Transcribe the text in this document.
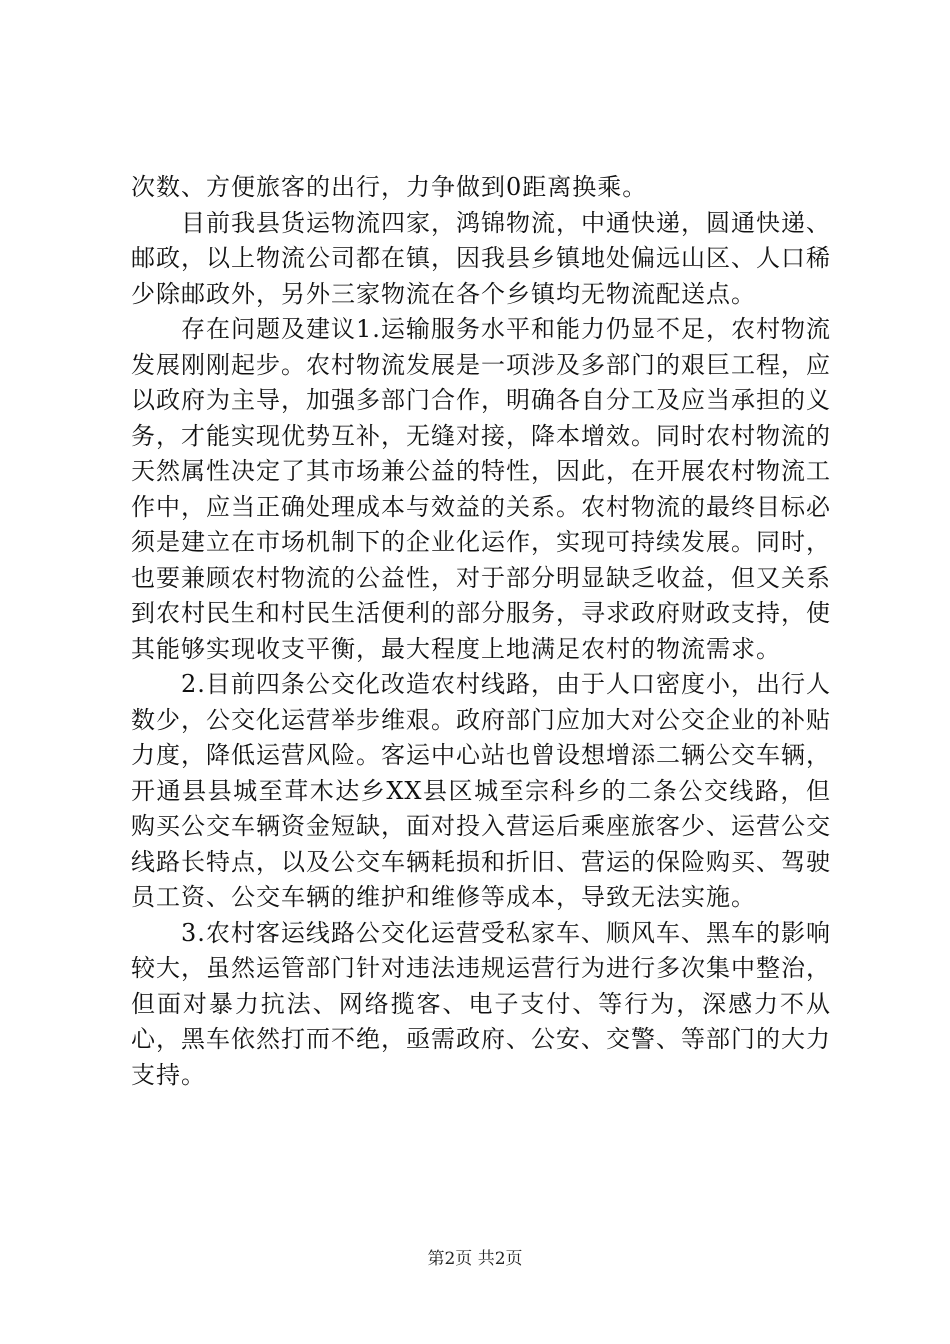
次数、方便旅客的出行，力争做到0距离换乘。

目前我县货运物流四家，鸿锦物流，中通快递，圆通快递、邮政，以上物流公司都在镇，因我县乡镇地处偏远山区、人口稀少除邮政外，另外三家物流在各个乡镇均无物流配送点。

存在问题及建议1.运输服务水平和能力仍显不足，农村物流发展刚刚起步。农村物流发展是一项涉及多部门的艰巨工程，应以政府为主导，加强多部门合作，明确各自分工及应当承担的义务，才能实现优势互补，无缝对接，降本增效。同时农村物流的天然属性决定了其市场兼公益的特性，因此，在开展农村物流工作中，应当正确处理成本与效益的关系。农村物流的最终目标必须是建立在市场机制下的企业化运作，实现可持续发展。同时，也要兼顾农村物流的公益性，对于部分明显缺乏收益，但又关系到农村民生和村民生活便利的部分服务，寻求政府财政支持，使其能够实现收支平衡，最大程度上地满足农村的物流需求。

2.目前四条公交化改造农村线路，由于人口密度小，出行人数少，公交化运营举步维艰。政府部门应加大对公交企业的补贴力度，降低运营风险。客运中心站也曾设想增添二辆公交车辆，开通县县城至茸木达乡XX县区城至宗科乡的二条公交线路，但购买公交车辆资金短缺，面对投入营运后乘座旅客少、运营公交线路长特点，以及公交车辆耗损和折旧、营运的保险购买、驾驶员工资、公交车辆的维护和维修等成本，导致无法实施。

3.农村客运线路公交化运营受私家车、顺风车、黑车的影响较大，虽然运管部门针对违法违规运营行为进行多次集中整治，但面对暴力抗法、网络揽客、电子支付、等行为，深感力不从心，黑车依然打而不绝，亟需政府、公安、交警、等部门的大力支持。

第2页 共2页
